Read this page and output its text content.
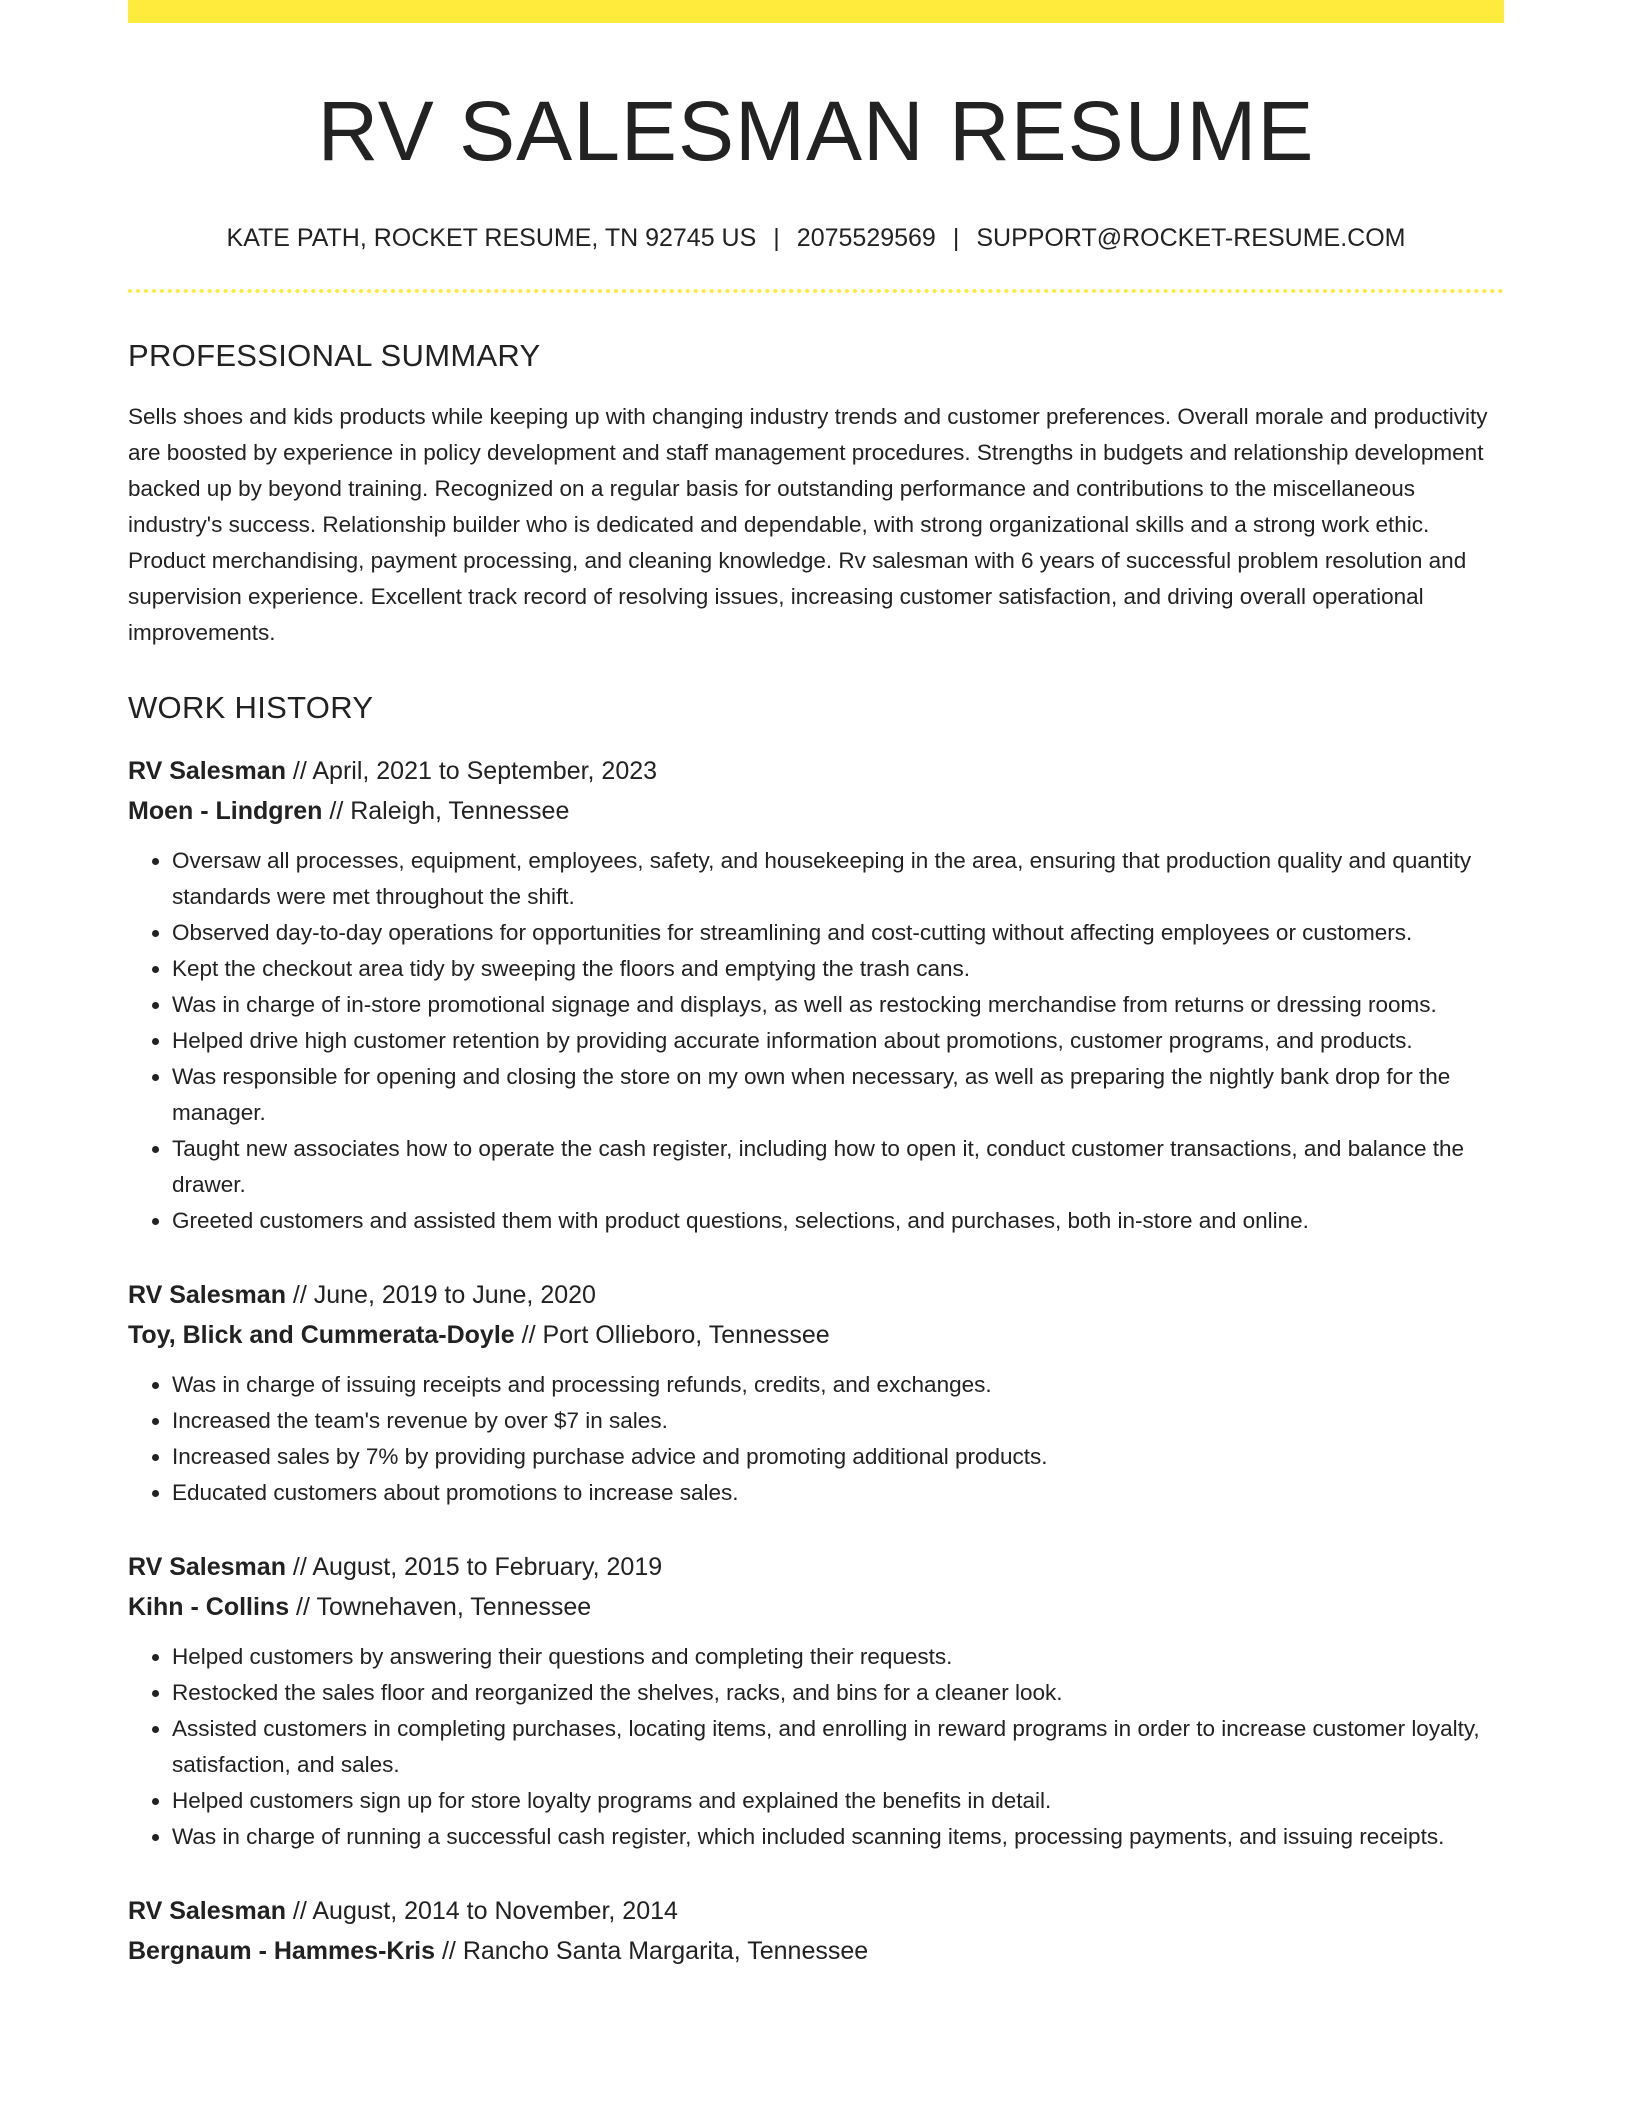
RV SALESMAN RESUME
KATE PATH, ROCKET RESUME, TN 92745 US | 2075529569 | SUPPORT@ROCKET-RESUME.COM
PROFESSIONAL SUMMARY

Sells shoes and kids products while keeping up with changing industry trends and customer preferences. Overall morale and productivity are boosted by experience in policy development and staff management procedures. Strengths in budgets and relationship development backed up by beyond training. Recognized on a regular basis for outstanding performance and contributions to the miscellaneous industry's success. Relationship builder who is dedicated and dependable, with strong organizational skills and a strong work ethic. Product merchandising, payment processing, and cleaning knowledge. Rv salesman with 6 years of successful problem resolution and supervision experience. Excellent track record of resolving issues, increasing customer satisfaction, and driving overall operational improvements.

WORK HISTORY
RV Salesman // April, 2021 to September, 2023
Moen - Lindgren // Raleigh, Tennessee
• Oversaw all processes, equipment, employees, safety, and housekeeping in the area, ensuring that production quality and quantity standards were met throughout the shift.
• Observed day-to-day operations for opportunities for streamlining and cost-cutting without affecting employees or customers.
• Kept the checkout area tidy by sweeping the floors and emptying the trash cans.
• Was in charge of in-store promotional signage and displays, as well as restocking merchandise from returns or dressing rooms.
• Helped drive high customer retention by providing accurate information about promotions, customer programs, and products.
• Was responsible for opening and closing the store on my own when necessary, as well as preparing the nightly bank drop for the manager.
• Taught new associates how to operate the cash register, including how to open it, conduct customer transactions, and balance the drawer.
• Greeted customers and assisted them with product questions, selections, and purchases, both in-store and online.
RV Salesman // June, 2019 to June, 2020
Toy, Blick and Cummerata-Doyle // Port Ollieboro, Tennessee
• Was in charge of issuing receipts and processing refunds, credits, and exchanges.
• Increased the team's revenue by over $7 in sales.
• Increased sales by 7% by providing purchase advice and promoting additional products.
• Educated customers about promotions to increase sales.
RV Salesman // August, 2015 to February, 2019
Kihn - Collins // Townehaven, Tennessee
• Helped customers by answering their questions and completing their requests.
• Restocked the sales floor and reorganized the shelves, racks, and bins for a cleaner look.
• Assisted customers in completing purchases, locating items, and enrolling in reward programs in order to increase customer loyalty, satisfaction, and sales.
• Helped customers sign up for store loyalty programs and explained the benefits in detail.
• Was in charge of running a successful cash register, which included scanning items, processing payments, and issuing receipts.
RV Salesman // August, 2014 to November, 2014
Bergnaum - Hammes-Kris // Rancho Santa Margarita, Tennessee
